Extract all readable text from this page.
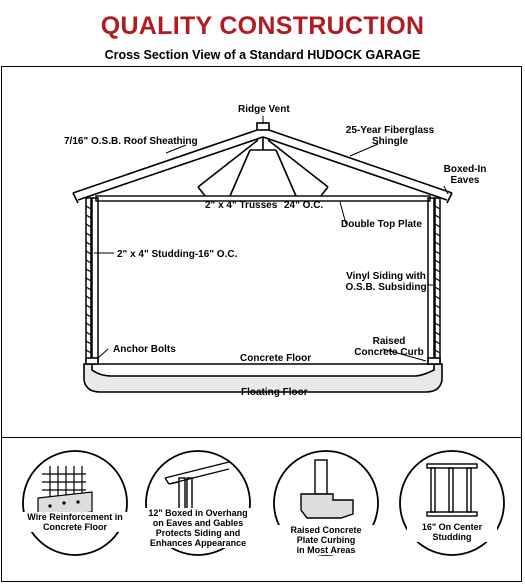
QUALITY CONSTRUCTION
Cross Section View of a Standard HUDOCK GARAGE
Ridge Vent
7/16" O.S.B. Roof Sheathing
25-Year Fiberglass
Shingle
Boxed-In
Eaves
2" x 4" Trusses 24" O.C.
Double Top Plate
2" x 4" Studding-16" O.C.
Vinyl Siding with
O.S.B. Subsiding
Raised
Concrete Curb
Anchor Bolts
Concrete Floor
Floating Floor
Wire Reinforcement in
Concrete Floor
12" Boxed in Overhang
on Eaves and Gables
Protects Siding and
Enhances Appearance
Raised Concrete
Plate Curbing
in Most Areas
16" On Center
Studding
